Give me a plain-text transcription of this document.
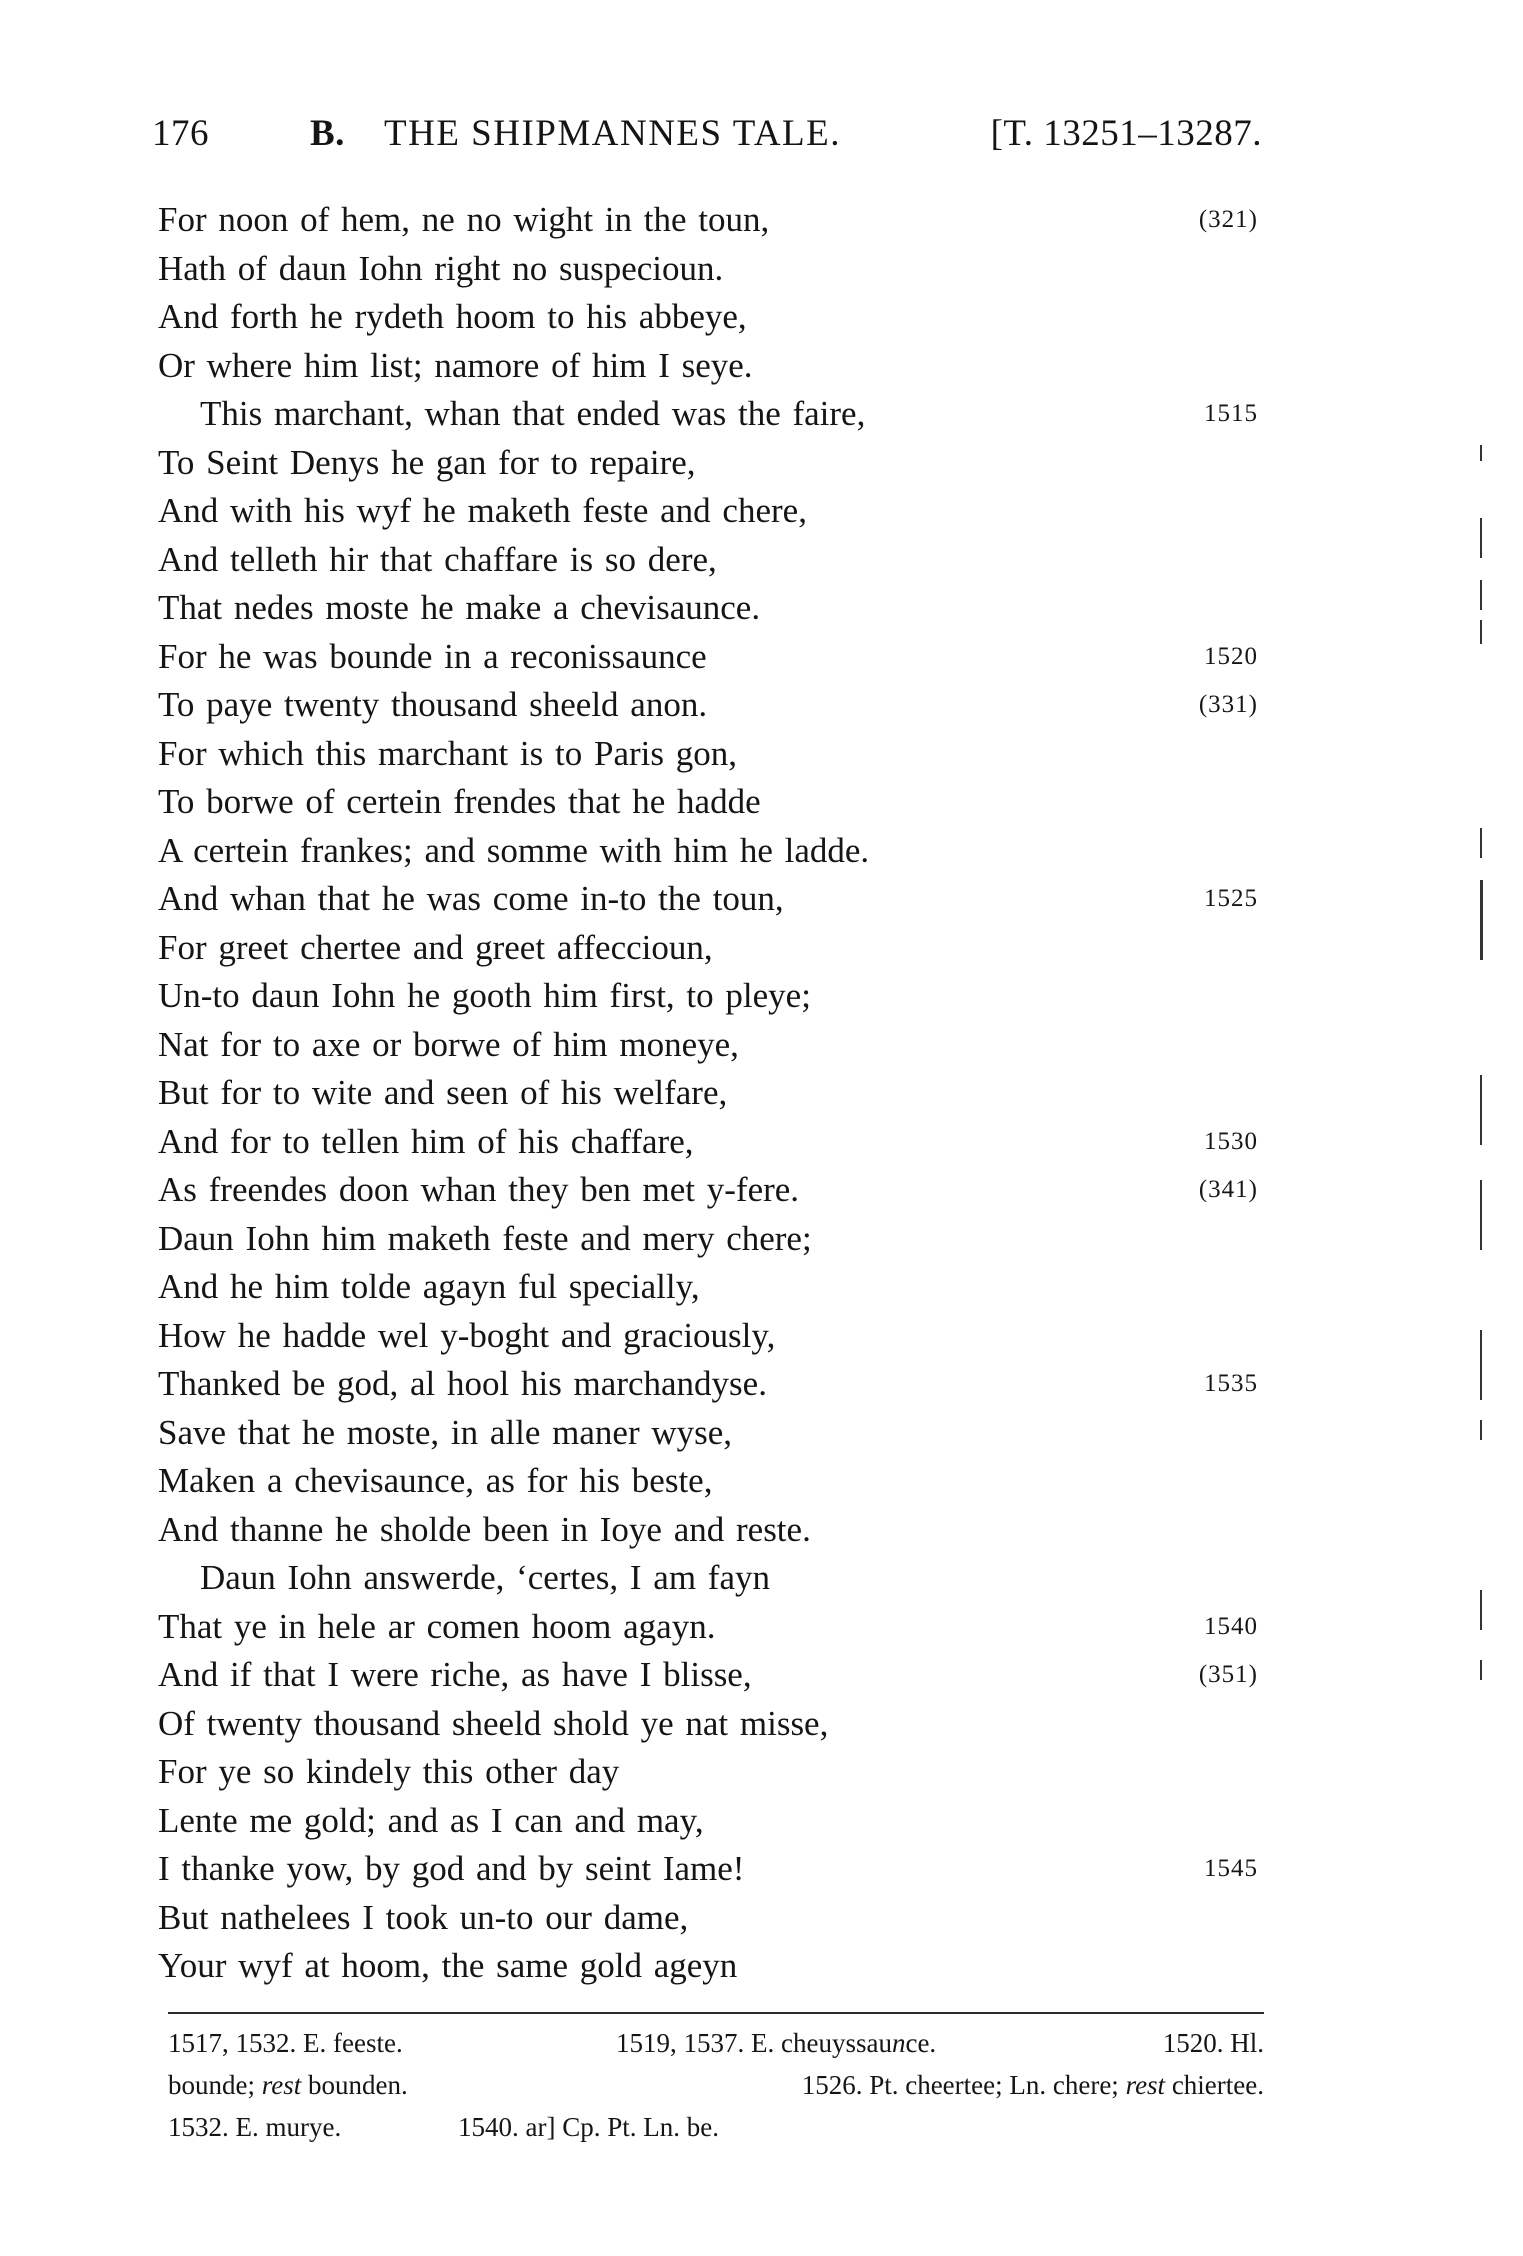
176	B. THE SHIPMANNES TALE.	[T. 13251–13287.
For noon of hem, ne no wight in the toun,	(321)
Hath of daun Iohn right no suspecioun.
And forth he rydeth hoom to his abbeye,
Or where him list; namore of him I seye.
This marchant, whan that ended was the faire,	1515
To Seint Denys he gan for to repaire,
And with his wyf he maketh feste and chere,
And telleth hir that chaffare is so dere,
That nedes moste he make a chevisaunce.
For he was bounde in a reconissaunce	1520
To paye twenty thousand sheeld anon.	(331)
For which this marchant is to Paris gon,
To borwe of certein frendes that he hadde
A certein frankes; and somme with him he ladde.
And whan that he was come in-to the toun,	1525
For greet chertee and greet affeccioun,
Un-to daun Iohn he gooth him first, to pleye;
Nat for to axe or borwe of him moneye,
But for to wite and seen of his welfare,
And for to tellen him of his chaffare,	1530
As freendes doon whan they ben met y-fere.	(341)
Daun Iohn him maketh feste and mery chere;
And he him tolde agayn ful specially,
How he hadde wel y-boght and graciously,
Thanked be god, al hool his marchandyse.	1535
Save that he moste, in alle maner wyse,
Maken a chevisaunce, as for his beste,
And thanne he sholde been in Ioye and reste.
Daun Iohn answerde, ‘certes, I am fayn
That ye in hele ar comen hoom agayn.	1540
And if that I were riche, as have I blisse,	(351)
Of twenty thousand sheeld shold ye nat misse,
For ye so kindely this other day
Lente me gold; and as I can and may,
I thanke yow, by god and by seint Iame!	1545
But nathelees I took un-to our dame,
Your wyf at hoom, the same gold ageyn
1517, 1532. E. feeste.	1519, 1537. E. cheuyssaunce.	1520. Hl.
bounde; rest bounden.	1526. Pt. cheertee; Ln. chere; rest chiertee.
1532. E. murye.	1540. ar] Cp. Pt. Ln. be.
